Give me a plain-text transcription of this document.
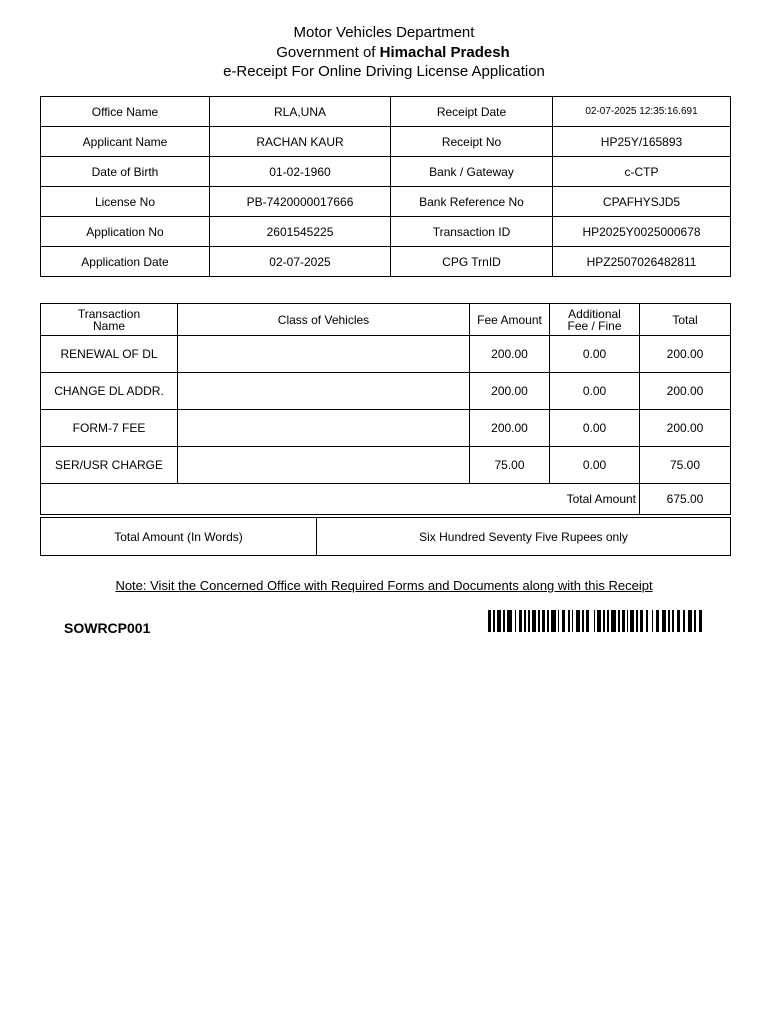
Motor Vehicles Department
Government of Himachal Pradesh
e-Receipt For Online Driving License Application
Office Name	RLA,UNA	Receipt Date	02-07-2025 12:35:16.691
Applicant Name	RACHAN KAUR	Receipt No	HP25Y/165893
Date of Birth	01-02-1960	Bank / Gateway	c-CTP
License No	PB-7420000017666	Bank Reference No	CPAFHYSJD5
Application No	2601545225	Transaction ID	HP2025Y0025000678
Application Date	02-07-2025	CPG TrnID	HPZ2507026482811
Transaction Name	Class of Vehicles	Fee Amount	Additional Fee / Fine	Total
RENEWAL OF DL		200.00	0.00	200.00
CHANGE DL ADDR.		200.00	0.00	200.00
FORM-7 FEE		200.00	0.00	200.00
SER/USR CHARGE		75.00	0.00	75.00
Total Amount				675.00
Total Amount (In Words)	Six Hundred Seventy Five Rupees only
Note: Visit the Concerned Office with Required Forms and Documents along with this Receipt
SOWRCP001
